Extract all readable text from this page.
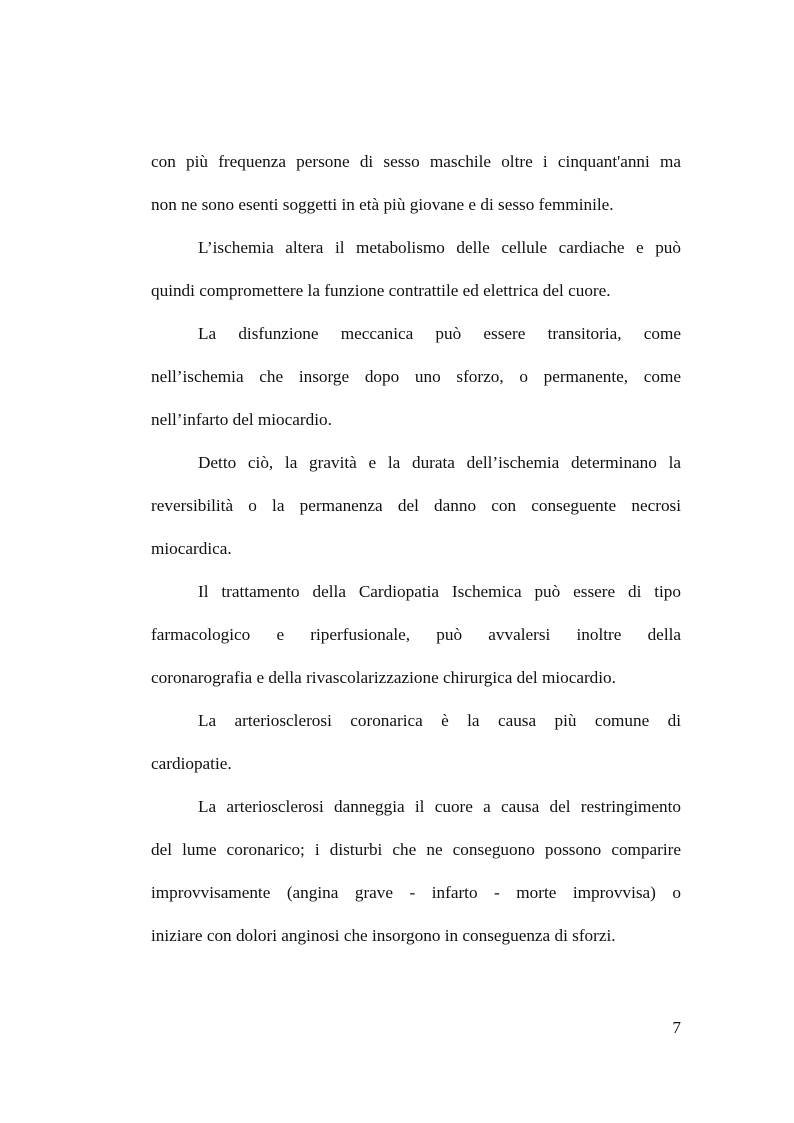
con più frequenza persone di sesso maschile oltre i cinquant'anni ma
non ne sono esenti soggetti in età più giovane e di sesso femminile.
L’ischemia altera il metabolismo delle cellule cardiache e può
quindi compromettere la funzione contrattile ed elettrica del cuore.
La disfunzione meccanica può essere transitoria, come
nell’ischemia che insorge dopo uno sforzo, o permanente, come
nell’infarto del miocardio.
Detto ciò, la gravità e la durata dell’ischemia determinano la
reversibilità o la permanenza del danno con conseguente necrosi
miocardica.
Il trattamento della Cardiopatia Ischemica può essere di tipo
farmacologico e riperfusionale, può avvalersi inoltre della
coronarografia e della rivascolarizzazione chirurgica del miocardio.
La arteriosclerosi coronarica è la causa più comune di
cardiopatie.
La arteriosclerosi danneggia il cuore a causa del restringimento
del lume coronarico; i disturbi che ne conseguono possono comparire
improvvisamente (angina grave - infarto - morte improvvisa) o
iniziare con dolori anginosi che insorgono in conseguenza di sforzi.
7
